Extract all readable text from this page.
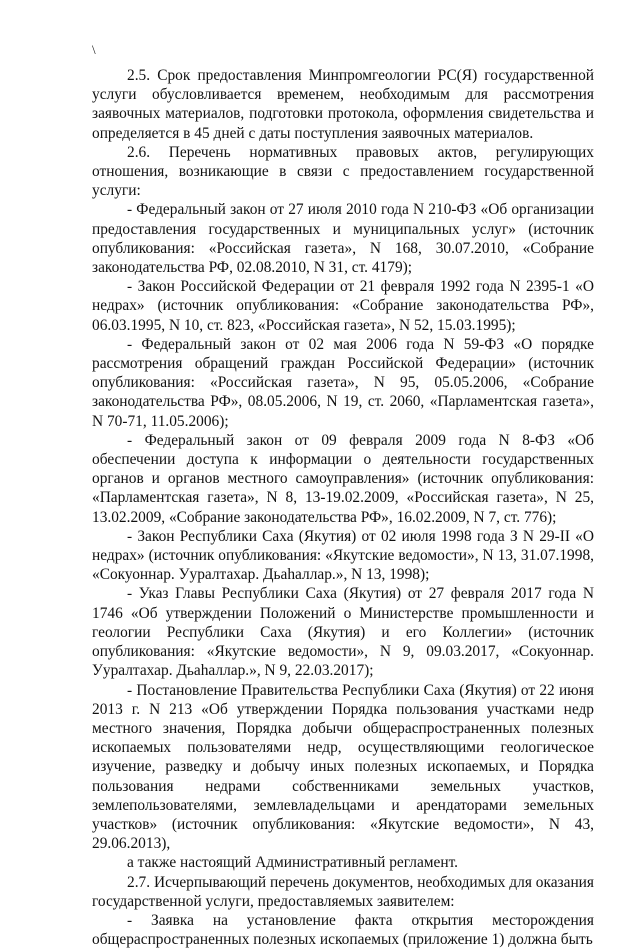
\

2.5. Срок предоставления Минпромгеологии РС(Я) государственной услуги обусловливается временем, необходимым для рассмотрения заявочных материалов, подготовки протокола, оформления свидетельства и определяется в 45 дней с даты поступления заявочных материалов.

2.6. Перечень нормативных правовых актов, регулирующих отношения, возникающие в связи с предоставлением государственной услуги:

- Федеральный закон от 27 июля 2010 года N 210-ФЗ «Об организации предоставления государственных и муниципальных услуг» (источник опубликования: «Российская газета», N 168, 30.07.2010, «Собрание законодательства РФ, 02.08.2010, N 31, ст. 4179);

- Закон Российской Федерации от 21 февраля 1992 года N 2395-1 «О недрах» (источник опубликования: «Собрание законодательства РФ», 06.03.1995, N 10, ст. 823, «Российская газета», N 52, 15.03.1995);

- Федеральный закон от 02 мая 2006 года N 59-ФЗ «О порядке рассмотрения обращений граждан Российской Федерации» (источник опубликования: «Российская газета», N 95, 05.05.2006, «Собрание законодательства РФ», 08.05.2006, N 19, ст. 2060, «Парламентская газета», N 70-71, 11.05.2006);

- Федеральный закон от 09 февраля 2009 года N 8-ФЗ «Об обеспечении доступа к информации о деятельности государственных органов и органов местного самоуправления» (источник опубликования: «Парламентская газета», N 8, 13-19.02.2009, «Российская газета», N 25, 13.02.2009, «Собрание законодательства РФ», 16.02.2009, N 7, ст. 776);

- Закон Республики Саха (Якутия) от 02 июля 1998 года З N 29-II «О недрах» (источник опубликования: «Якутские ведомости», N 13, 31.07.1998, «Сокуоннар. Ууралтахар. Дьаhаллар.», N 13, 1998);

- Указ Главы Республики Саха (Якутия) от 27 февраля 2017 года N 1746 «Об утверждении Положений о Министерстве промышленности и геологии Республики Саха (Якутия) и его Коллегии» (источник опубликования: «Якутские ведомости», N 9, 09.03.2017, «Сокуоннар. Ууралтахар. Дьаhаллар.», N 9, 22.03.2017);

- Постановление Правительства Республики Саха (Якутия) от 22 июня 2013 г. N 213 «Об утверждении Порядка пользования участками недр местного значения, Порядка добычи общераспространенных полезных ископаемых пользователями недр, осуществляющими геологическое изучение, разведку и добычу иных полезных ископаемых, и Порядка пользования недрами собственниками земельных участков, землепользователями, землевладельцами и арендаторами земельных участков» (источник опубликования: «Якутские ведомости», N 43, 29.06.2013),

а также настоящий Административный регламент.

2.7. Исчерпывающий перечень документов, необходимых для оказания государственной услуги, предоставляемых заявителем:

- Заявка на установление факта открытия месторождения общераспространенных полезных ископаемых (приложение 1) должна быть
